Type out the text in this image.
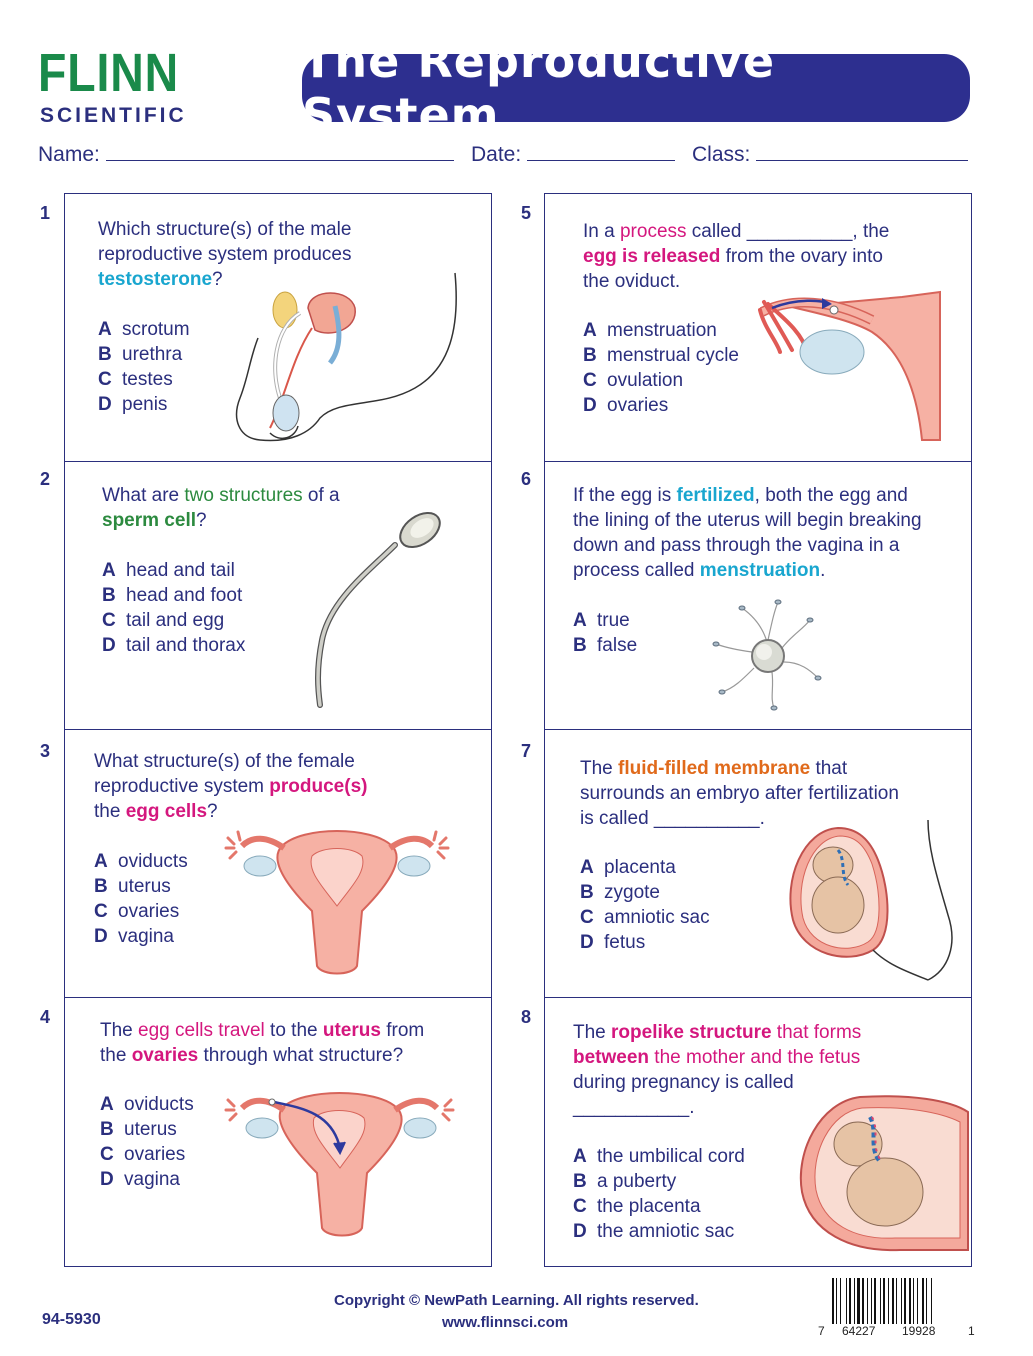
FLINN
SCIENTIFIC
The Reproductive System
Name:	Date:	Class:
1
2
3
4
5
6
7
8
Which structure(s) of the male
reproductive system produces
testosterone?
A scrotum
B urethra
C testes
D penis
What are two structures of a
sperm cell?
A head and tail
B head and foot
C tail and egg
D tail and thorax
What structure(s) of the female
reproductive system produce(s)
the egg cells?
A oviducts
B uterus
C ovaries
D vagina
The egg cells travel to the uterus from
the ovaries through what structure?
A oviducts
B uterus
C ovaries
D vagina
In a process called __________, the
egg is released from the ovary into
the oviduct.
A menstruation
B menstrual cycle
C ovulation
D ovaries
If the egg is fertilized, both the egg and
the lining of the uterus will begin breaking
down and pass through the vagina in a
process called menstruation.
A true
B false
The fluid-filled membrane that
surrounds an embryo after fertilization
is called __________.
A placenta
B zygote
C amniotic sac
D fetus
The ropelike structure that forms
between the mother and the fetus
during pregnancy is called
___________.
A the umbilical cord
B a puberty
C the placenta
D the amniotic sac
94-5930
Copyright © NewPath Learning. All rights reserved.
www.flinnsci.com	7 64227 19928	1
